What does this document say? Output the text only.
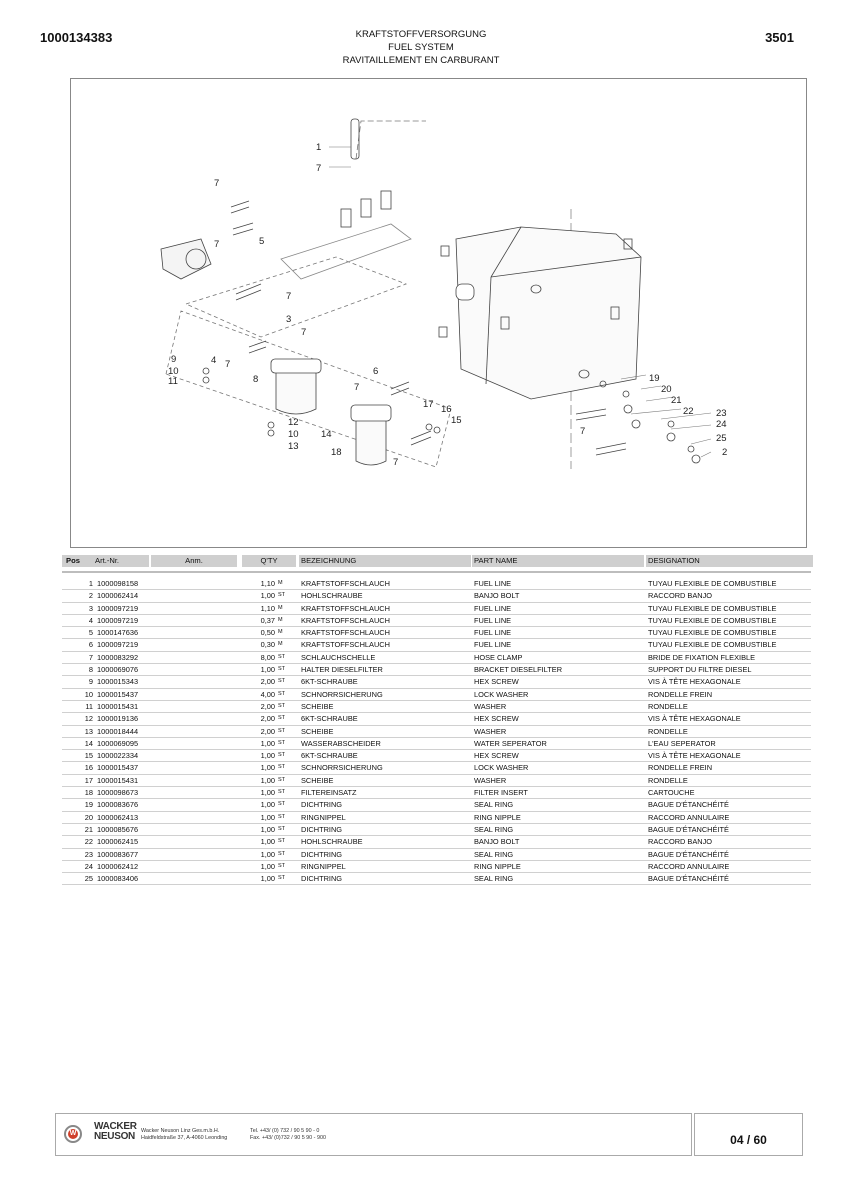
1000134383	KRAFTSTOFFVERSORGUNG
FUEL SYSTEM
RAVITAILLEMENT EN CARBURANT
3501
1
7
7
7	5
7
3
7
4 7
9
10
11	8
6
7
12
10
13
17 16
15
14
18
7
19
20
21
22 23
24
25
2
7
Pos	Art.-Nr.	Anm.	Q'TY	BEZEICHNUNG	PART NAME	DESIGNATION
1 1000098158	1,10 M KRAFTSTOFFSCHLAUCH	FUEL LINE	TUYAU FLEXIBLE DE COMBUSTIBLE
2 1000062414	1,00 ST HOHLSCHRAUBE	BANJO BOLT	RACCORD BANJO
3 1000097219	1,10 M KRAFTSTOFFSCHLAUCH	FUEL LINE	TUYAU FLEXIBLE DE COMBUSTIBLE
4 1000097219	0,37 M KRAFTSTOFFSCHLAUCH	FUEL LINE	TUYAU FLEXIBLE DE COMBUSTIBLE
5 1000147636	0,50 M KRAFTSTOFFSCHLAUCH	FUEL LINE	TUYAU FLEXIBLE DE COMBUSTIBLE
6 1000097219	0,30 M KRAFTSTOFFSCHLAUCH	FUEL LINE	TUYAU FLEXIBLE DE COMBUSTIBLE
7 1000083292	8,00 ST SCHLAUCHSCHELLE	HOSE CLAMP	BRIDE DE FIXATION FLEXIBLE
8 1000069076	1,00 ST HALTER DIESELFILTER	BRACKET DIESELFILTER	SUPPORT DU FILTRE DIESEL
9 1000015343	2,00 ST 6KT-SCHRAUBE	HEX SCREW	VIS À TÊTE HEXAGONALE
10 1000015437	4,00 ST SCHNORRSICHERUNG	LOCK WASHER	RONDELLE FREIN
11 1000015431	2,00 ST SCHEIBE	WASHER	RONDELLE
12 1000019136	2,00 ST 6KT-SCHRAUBE	HEX SCREW	VIS À TÊTE HEXAGONALE
13 1000018444	2,00 ST SCHEIBE	WASHER	RONDELLE
14 1000069095	1,00 ST WASSERABSCHEIDER	WATER SEPERATOR	L'EAU SEPERATOR
15 1000022334	1,00 ST 6KT-SCHRAUBE	HEX SCREW	VIS À TÊTE HEXAGONALE
16 1000015437	1,00 ST SCHNORRSICHERUNG	LOCK WASHER	RONDELLE FREIN
17 1000015431	1,00 ST SCHEIBE	WASHER	RONDELLE
18 1000098673	1,00 ST FILTEREINSATZ	FILTER INSERT	CARTOUCHE
19 1000083676	1,00 ST DICHTRING	SEAL RING	BAGUE D'ÉTANCHÉITÉ
20 1000062413	1,00 ST RINGNIPPEL	RING NIPPLE	RACCORD ANNULAIRE
21 1000085676	1,00 ST DICHTRING	SEAL RING	BAGUE D'ÉTANCHÉITÉ
22 1000062415	1,00 ST HOHLSCHRAUBE	BANJO BOLT	RACCORD BANJO
23 1000083677	1,00 ST DICHTRING	SEAL RING	BAGUE D'ÉTANCHÉITÉ
24 1000062412	1,00 ST RINGNIPPEL	RING NIPPLE	RACCORD ANNULAIRE
25 1000083406	1,00 ST DICHTRING	SEAL RING	BAGUE D'ÉTANCHÉITÉ
W
WACKER
NEUSON	Wacker Neuson Linz Ges.m.b.H.
Haidfeldstraße 37, A-4060 Leonding
Tel. +43/ (0) 732 / 90 5 90 - 0
Fax. +43/ (0)732 / 90 5 90 - 900	04 / 60
